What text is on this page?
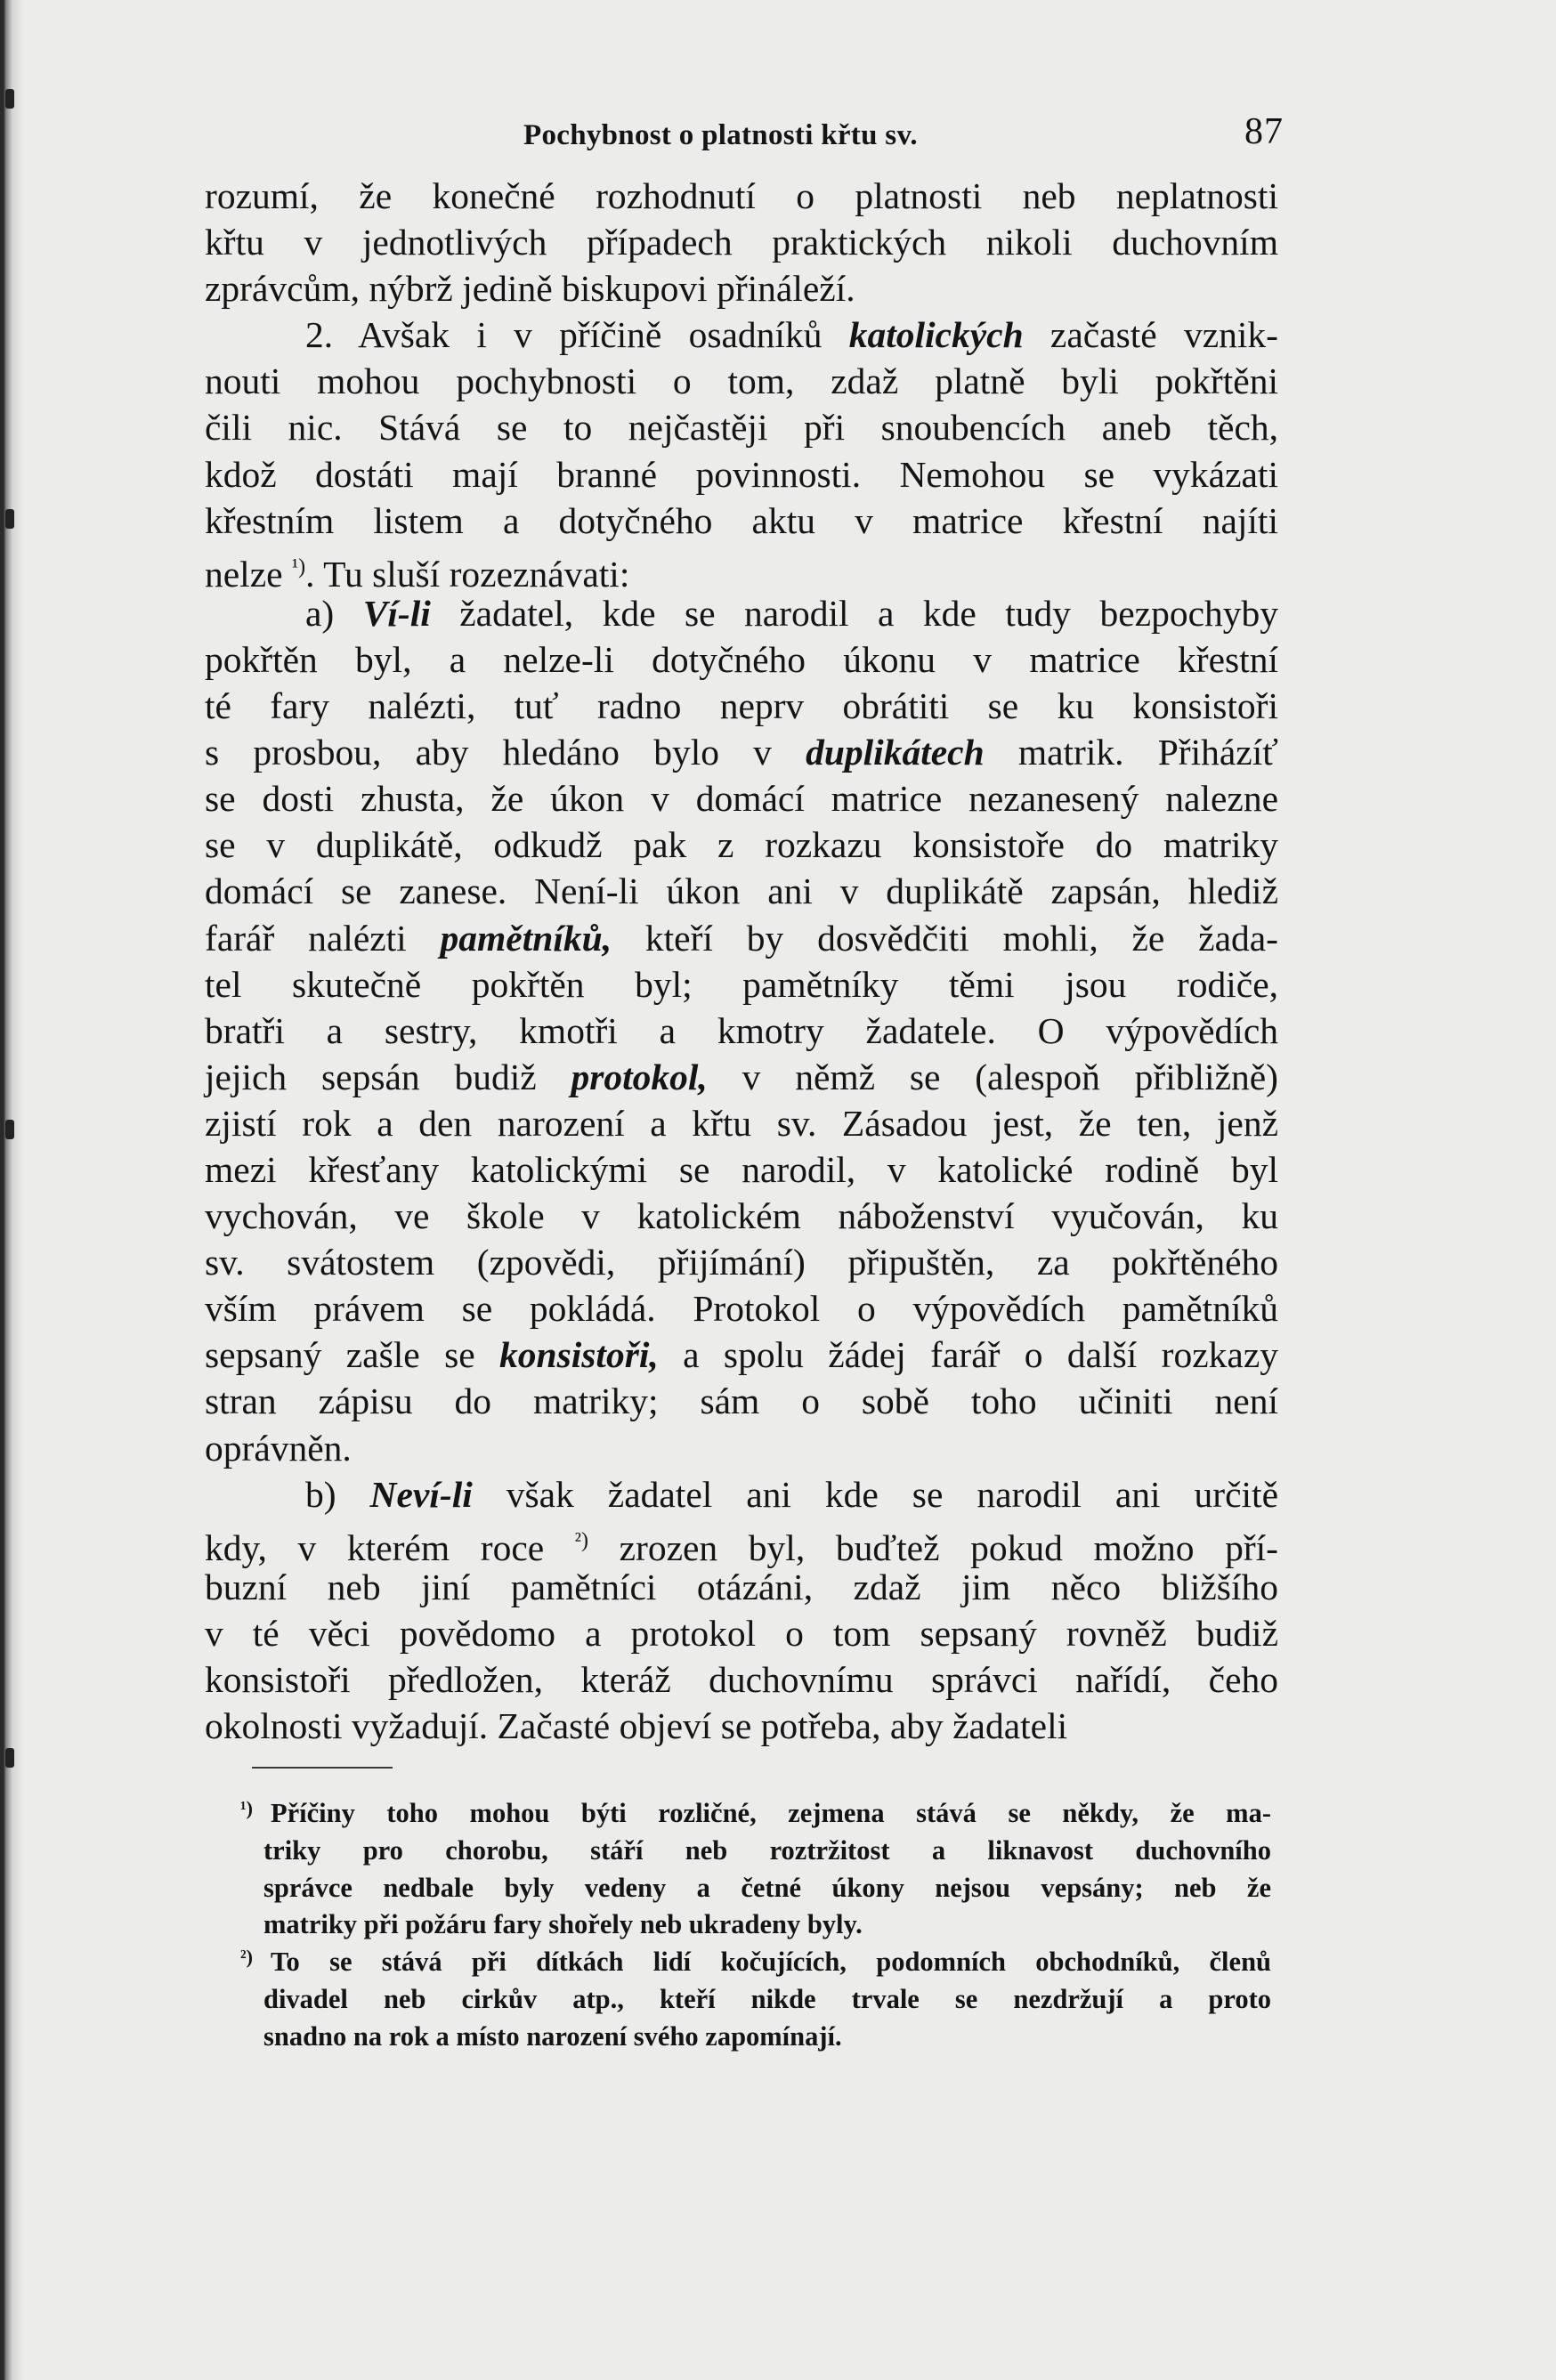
Pochybnost o platnosti křtu sv.	87
rozumí, že konečné rozhodnutí o platnosti neb neplatnosti
křtu v jednotlivých případech praktických nikoli duchovním
zprávcům, nýbrž jedině biskupovi přináleží.
2. Avšak i v příčině osadníků katolických začasté vznik-
nouti mohou pochybnosti o tom, zdaž platně byli pokřtěni
čili nic. Stává se to nejčastěji při snoubencích aneb těch,
kdož dostáti mají branné povinnosti. Nemohou se vykázati
křestním listem a dotyčného aktu v matrice křestní najíti
nelze $^{^1)}$. Tu sluší rozeznávati:
a) Ví-li žadatel, kde se narodil a kde tudy bezpochyby
pokřtěn byl, a nelze-li dotyčného úkonu v matrice křestní
té fary nalézti, tuť radno neprv obrátiti se ku konsistoři
s prosbou, aby hledáno bylo v duplikátech matrik. Přiházíť
se dosti zhusta, že úkon v domácí matrice nezanesený nalezne
se v duplikátě, odkudž pak z rozkazu konsistoře do matriky
domácí se zanese. Není-li úkon ani v duplikátě zapsán, hlediž
farář nalézti pamětníků, kteří by dosvědčiti mohli, že žada-
tel skutečně pokřtěn byl; pamětníky těmi jsou rodiče,
bratři a sestry, kmotři a kmotry žadatele. O výpovědích
jejich sepsán budiž protokol, v němž se (alespoň přibližně)
zjistí rok a den narození a křtu sv. Zásadou jest, že ten, jenž
mezi křesťany katolickými se narodil, v katolické rodině byl
vychován, ve škole v katolickém náboženství vyučován, ku
sv. svátostem (zpovědi, přijímání) připuštěn, za pokřtěného
vším právem se pokládá. Protokol o výpovědích pamětníků
sepsaný zašle se konsistoři, a spolu žádej farář o další rozkazy
stran zápisu do matriky; sám o sobě toho učiniti není
oprávněn.
b) Neví-li však žadatel ani kde se narodil ani určitě
kdy, v kterém roce $^{^2)}$ zrozen byl, buďtež pokud možno pří-
buzní neb jiní pamětníci otázáni, zdaž jim něco bližšího
v té věci povědomo a protokol o tom sepsaný rovněž budiž
konsistoři předložen, kteráž duchovnímu správci nařídí, čeho
okolnosti vyžadují. Začasté objeví se potřeba, aby žadateli
¹) Příčiny toho mohou býti rozličné, zejmena stává se někdy, že ma-
triky pro chorobu, stáří neb roztržitost a liknavost duchovního
správce nedbale byly vedeny a četné úkony nejsou vepsány; neb že
matriky při požáru fary shořely neb ukradeny byly.
²) To se stává při dítkách lidí kočujících, podomních obchodníků, členů
divadel neb cirkův atp., kteří nikde trvale se nezdržují a proto
snadno na rok a místo narození svého zapomínají.
